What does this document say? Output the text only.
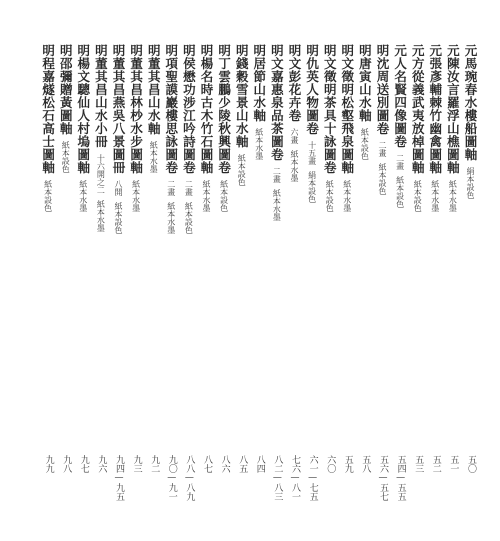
元馬琬春水樓船圖軸絹本設色
元陳汝言羅浮山樵圖軸紙本水墨
元張彥輔棘竹幽禽圖軸紙本水墨
元方從義武夷放棹圖軸紙本設色
元人名賢四像圖卷二畫紙本設色
明沈周送別圖卷二畫紙本設色
明唐寅山水軸紙本設色
明文徵明松壑飛泉圖軸紙本水墨
明文徵明茶具十詠圖卷紙本設色
明仇英人物圖卷十五畫絹本設色
明文彭花卉卷六畫紙本水墨
明文嘉惠泉品茶圖卷二畫紙本水墨
明居節山水軸紙本水墨
明錢穀雪景山水軸紙本設色
明丁雲鵬少陵秋興圖卷紙本設色
明楊名時古木竹石圖軸紙本水墨
明侯懋功涉江吟詩圖卷二畫紙本設色
明項聖謨巖樓思詠圖卷二畫紙本水墨
明董其昌山水軸紙本水墨
明董其昌林杪水步圖軸紙本水墨
明董其昌燕吳八景圖冊八開紙本設色
明董其昌山水小冊十六開之二紙本水墨
明楊文驄仙人村塢圖軸紙本水墨
明邵彌贈黃圖軸紙本設色
明程嘉燧松石高士圖軸紙本設色
五〇
五一
五二
五三
五四—五五
五六—五七
五八
五九
六〇
六一—七五
七六—八一
八二—八三
八四
八五
八六
八七
八八—八九
九〇—九一
九二
九三
九四—九五
九六
九七
九八
九九
